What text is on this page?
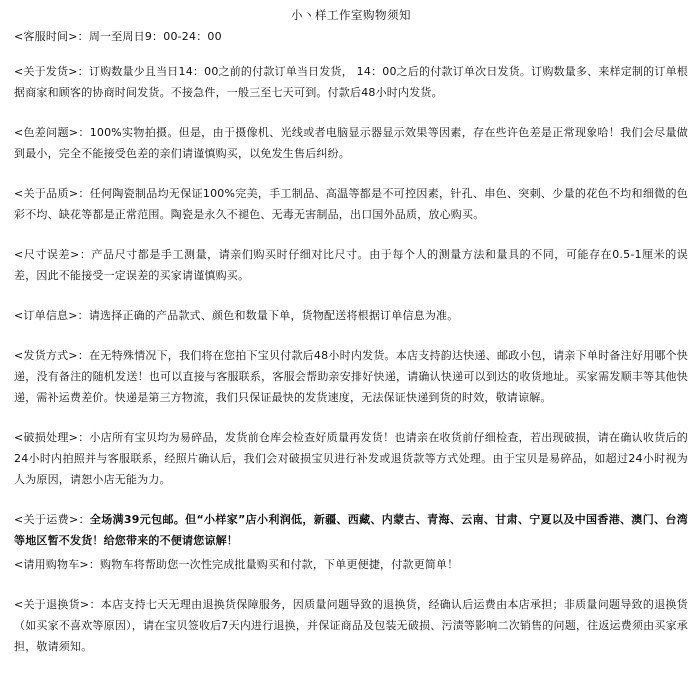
小丶样工作室购物须知

<客服时间>：周一至周日9：00-24：00

<关于发货>：订购数量少且当日14：00之前的付款订单当日发货， 14：00之后的付款订单次日发货。订购数量多、来样定制的订单根据商家和顾客的协商时间发货。不接急件，一般三至七天可到。付款后48小时内发货。

<色差问题>：100%实物拍摄。但是，由于摄像机、光线或者电脑显示器显示效果等因素，存在些许色差是正常现象哈！我们会尽量做到最小，完全不能接受色差的亲们请谨慎购买，以免发生售后纠纷。

<关于品质>：任何陶瓷制品均无保证100%完美，手工制品、高温等都是不可控因素，针孔、串色、突刺、少量的花色不均和细微的色彩不均、缺花等都是正常范围。陶瓷是永久不褪色、无毒无害制品，出口国外品质，放心购买。

<尺寸误差>：产品尺寸都是手工测量，请亲们购买时仔细对比尺寸。由于每个人的测量方法和量具的不同，可能存在0.5-1厘米的误差，因此不能接受一定误差的买家请谨慎购买。

<订单信息>：请选择正确的产品款式、颜色和数量下单，货物配送将根据订单信息为准。

<发货方式>：在无特殊情况下，我们将在您拍下宝贝付款后48小时内发货。本店支持韵达快递、邮政小包，请亲下单时备注好用哪个快递，没有备注的随机发送！也可以直接与客服联系，客服会帮助亲安排好快递，请确认快递可以到达的收货地址。买家需发顺丰等其他快递，需补运费差价。快递是第三方物流，我们只保证最快的发货速度，无法保证快递到货的时效，敬请谅解。

<破损处理>：小店所有宝贝均为易碎品，发货前仓库会检查好质量再发货！也请亲在收货前仔细检查，若出现破损，请在确认收货后的24小时内拍照并与客服联系，经照片确认后，我们会对破损宝贝进行补发或退货款等方式处理。由于宝贝是易碎品，如超过24小时视为人为原因，请恕小店无能为力。

<关于运费>：全场满39元包邮。但“小样家”店小利润低，新疆、西藏、内蒙古、青海、云南、甘肃、宁夏以及中国香港、澳门、台湾等地区暂不发货！给您带来的不便请您谅解！

<请用购物车>：购物车将帮助您一次性完成批量购买和付款，下单更便捷，付款更简单！

<关于退换货>：本店支持七天无理由退换货保障服务，因质量问题导致的退换货，经确认后运费由本店承担；非质量问题导致的退换货（如买家不喜欢等原因），请在宝贝签收后7天内进行退换，并保证商品及包装无破损、污渍等影响二次销售的问题，往返运费须由买家承担，敬请须知。
